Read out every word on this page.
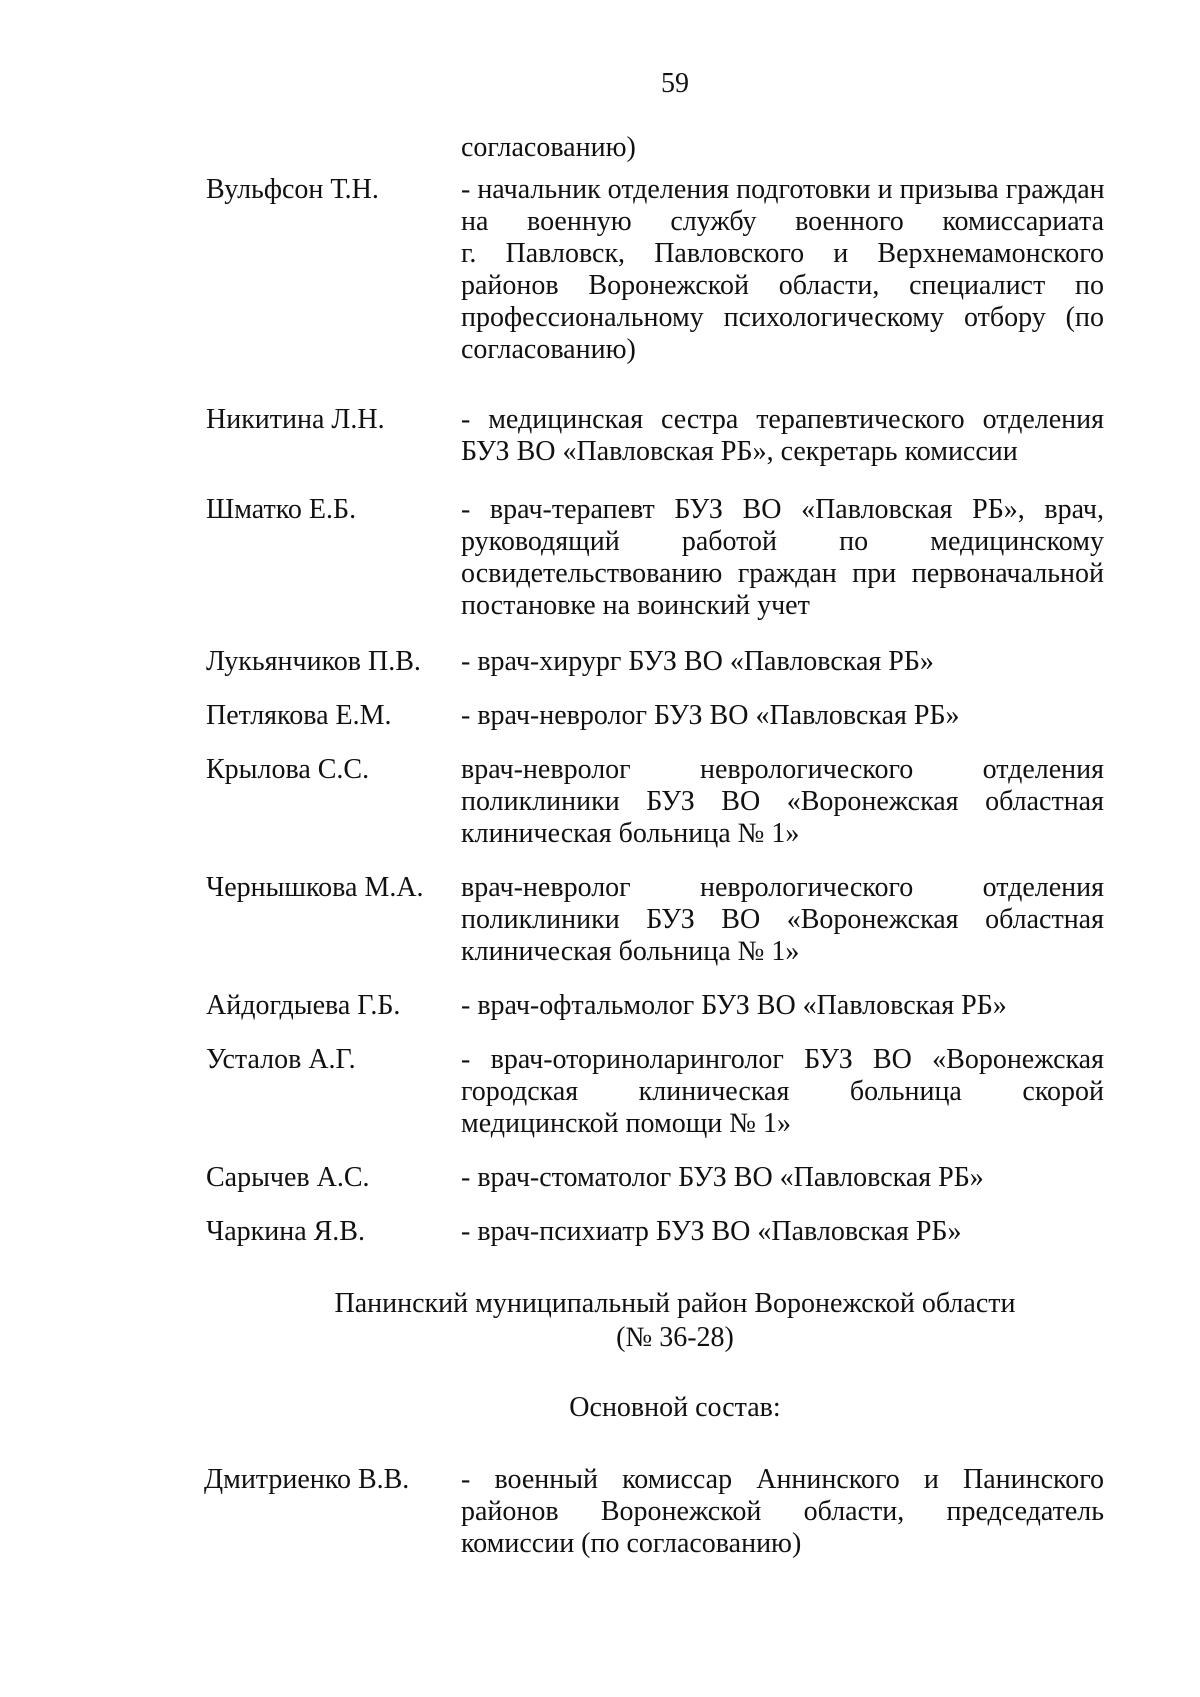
59
согласованию)
Вульфсон Т.Н.	- начальник отделения подготовки и призыва граждан
на военную службу военного комиссариата
г. Павловск, Павловского и Верхнемамонского
районов Воронежской области, специалист по
профессиональному психологическому отбору (по
согласованию)
Никитина Л.Н.	- медицинская сестра терапевтического отделения
БУЗ ВО «Павловская РБ», секретарь комиссии
Шматко Е.Б.	- врач-терапевт БУЗ ВО «Павловская РБ», врач,
руководящий работой по медицинскому
освидетельствованию граждан при первоначальной
постановке на воинский учет
Лукьянчиков П.В. - врач-хирург БУЗ ВО «Павловская РБ»
Петлякова Е.М. - врач-невролог БУЗ ВО «Павловская РБ»
Крылова С.С.	врач-невролог неврологического отделения
поликлиники БУЗ ВО «Воронежская областная
клиническая больница № 1»
Чернышкова М.А. врач-невролог неврологического отделения
поликлиники БУЗ ВО «Воронежская областная
клиническая больница № 1»
Айдогдыева Г.Б. - врач-офтальмолог БУЗ ВО «Павловская РБ»
Усталов А.Г.	- врач-оториноларинголог БУЗ ВО «Воронежская
городская клиническая больница скорой
медицинской помощи № 1»
Сарычев А.С.	- врач-стоматолог БУЗ ВО «Павловская РБ»
Чаркина Я.В.	- врач-психиатр БУЗ ВО «Павловская РБ»
Панинский муниципальный район Воронежской области
(№ 36-28)
Основной состав:
Дмитриенко В.В. - военный комиссар Аннинского и Панинского
районов Воронежской области, председатель
комиссии (по согласованию)
